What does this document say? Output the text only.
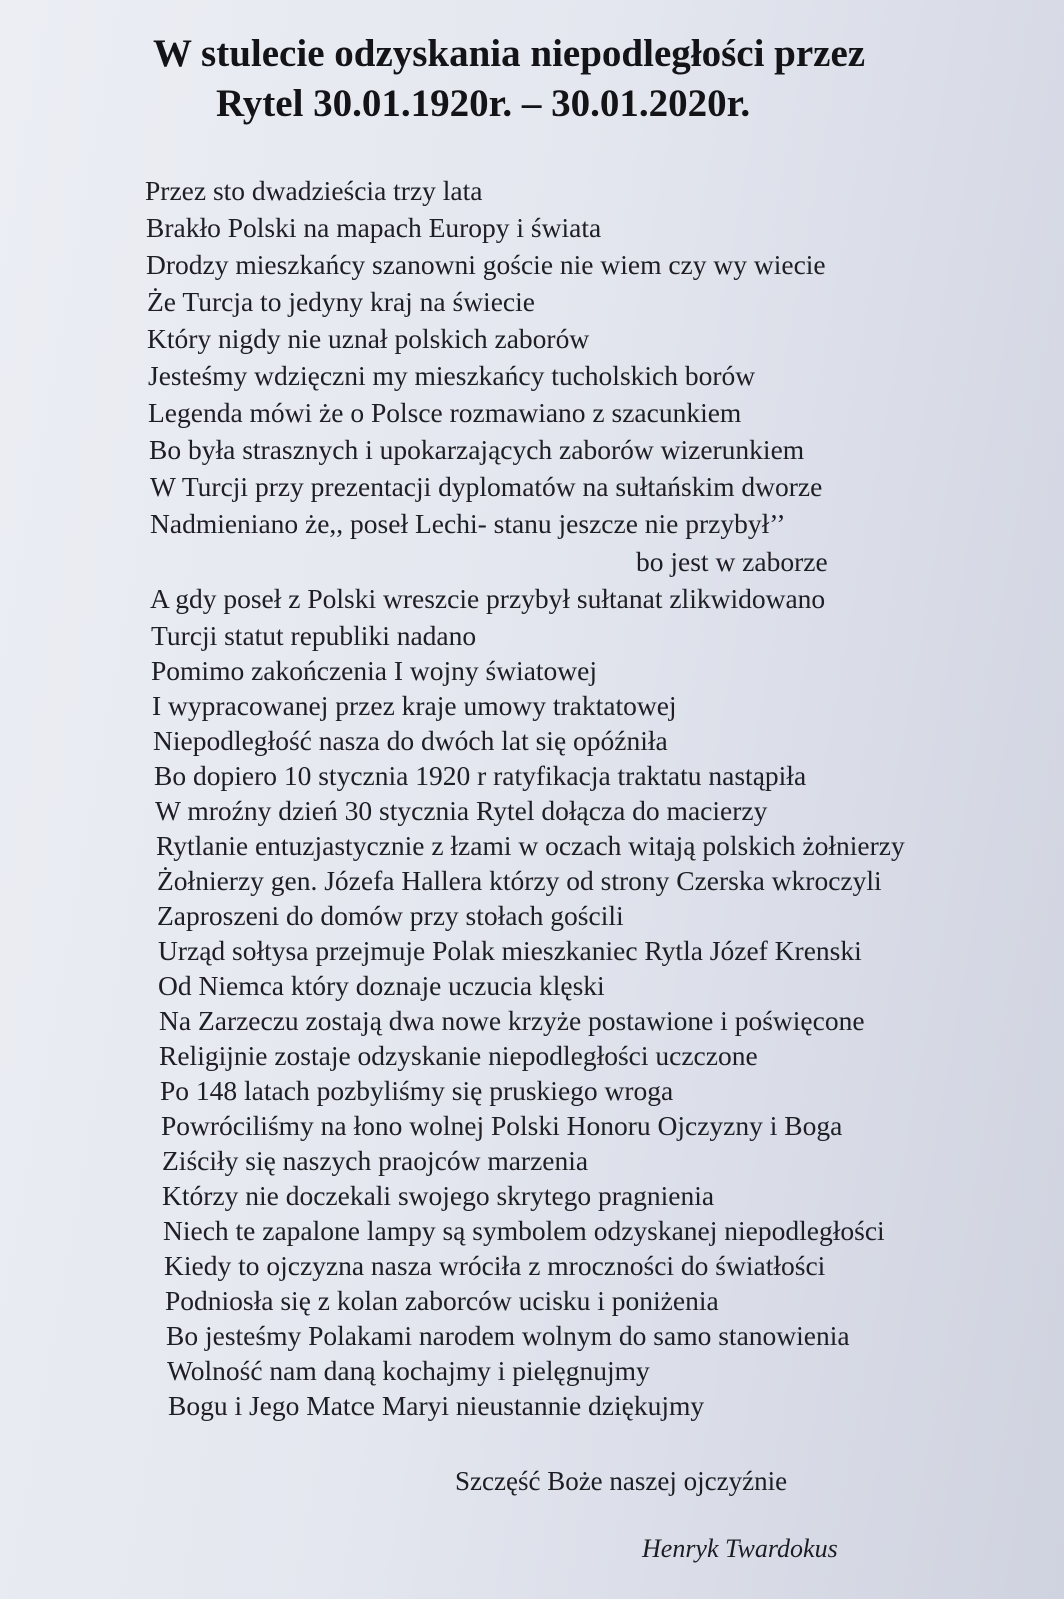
W stulecie odzyskania niepodległości przez
Rytel 30.01.1920r. – 30.01.2020r.
Przez sto dwadzieścia trzy lata
Brakło Polski na mapach Europy i świata
Drodzy mieszkańcy szanowni goście nie wiem czy wy wiecie
Że Turcja to jedyny kraj na świecie
Który nigdy nie uznał polskich zaborów
Jesteśmy wdzięczni my mieszkańcy tucholskich borów
Legenda mówi że o Polsce rozmawiano z szacunkiem
Bo była strasznych i upokarzających zaborów wizerunkiem
W Turcji przy prezentacji dyplomatów na sułtańskim dworze
Nadmieniano że,, poseł Lechi- stanu jeszcze nie przybył’’
bo jest w zaborze
A gdy poseł z Polski wreszcie przybył sułtanat zlikwidowano
Turcji statut republiki nadano
Pomimo zakończenia I wojny światowej
I wypracowanej przez kraje umowy traktatowej
Niepodległość nasza do dwóch lat się opóźniła
Bo dopiero 10 stycznia 1920 r ratyfikacja traktatu nastąpiła
W mroźny dzień 30 stycznia Rytel dołącza do macierzy
Rytlanie entuzjastycznie z łzami w oczach witają polskich żołnierzy
Żołnierzy gen. Józefa Hallera którzy od strony Czerska wkroczyli
Zaproszeni do domów przy stołach gościli
Urząd sołtysa przejmuje Polak mieszkaniec Rytla Józef Krenski
Od Niemca który doznaje uczucia klęski
Na Zarzeczu zostają dwa nowe krzyże postawione i poświęcone
Religijnie zostaje odzyskanie niepodległości uczczone
Po 148 latach pozbyliśmy się pruskiego wroga
Powróciliśmy na łono wolnej Polski Honoru Ojczyzny i Boga
Ziściły się naszych praojców marzenia
Którzy nie doczekali swojego skrytego pragnienia
Niech te zapalone lampy są symbolem odzyskanej niepodległości
Kiedy to ojczyzna nasza wróciła z mroczności do światłości
Podniosła się z kolan zaborców ucisku i poniżenia
Bo jesteśmy Polakami narodem wolnym do samo stanowienia
Wolność nam daną kochajmy i pielęgnujmy
Bogu i Jego Matce Maryi nieustannie dziękujmy
Szczęść Boże naszej ojczyźnie
Henryk Twardokus
